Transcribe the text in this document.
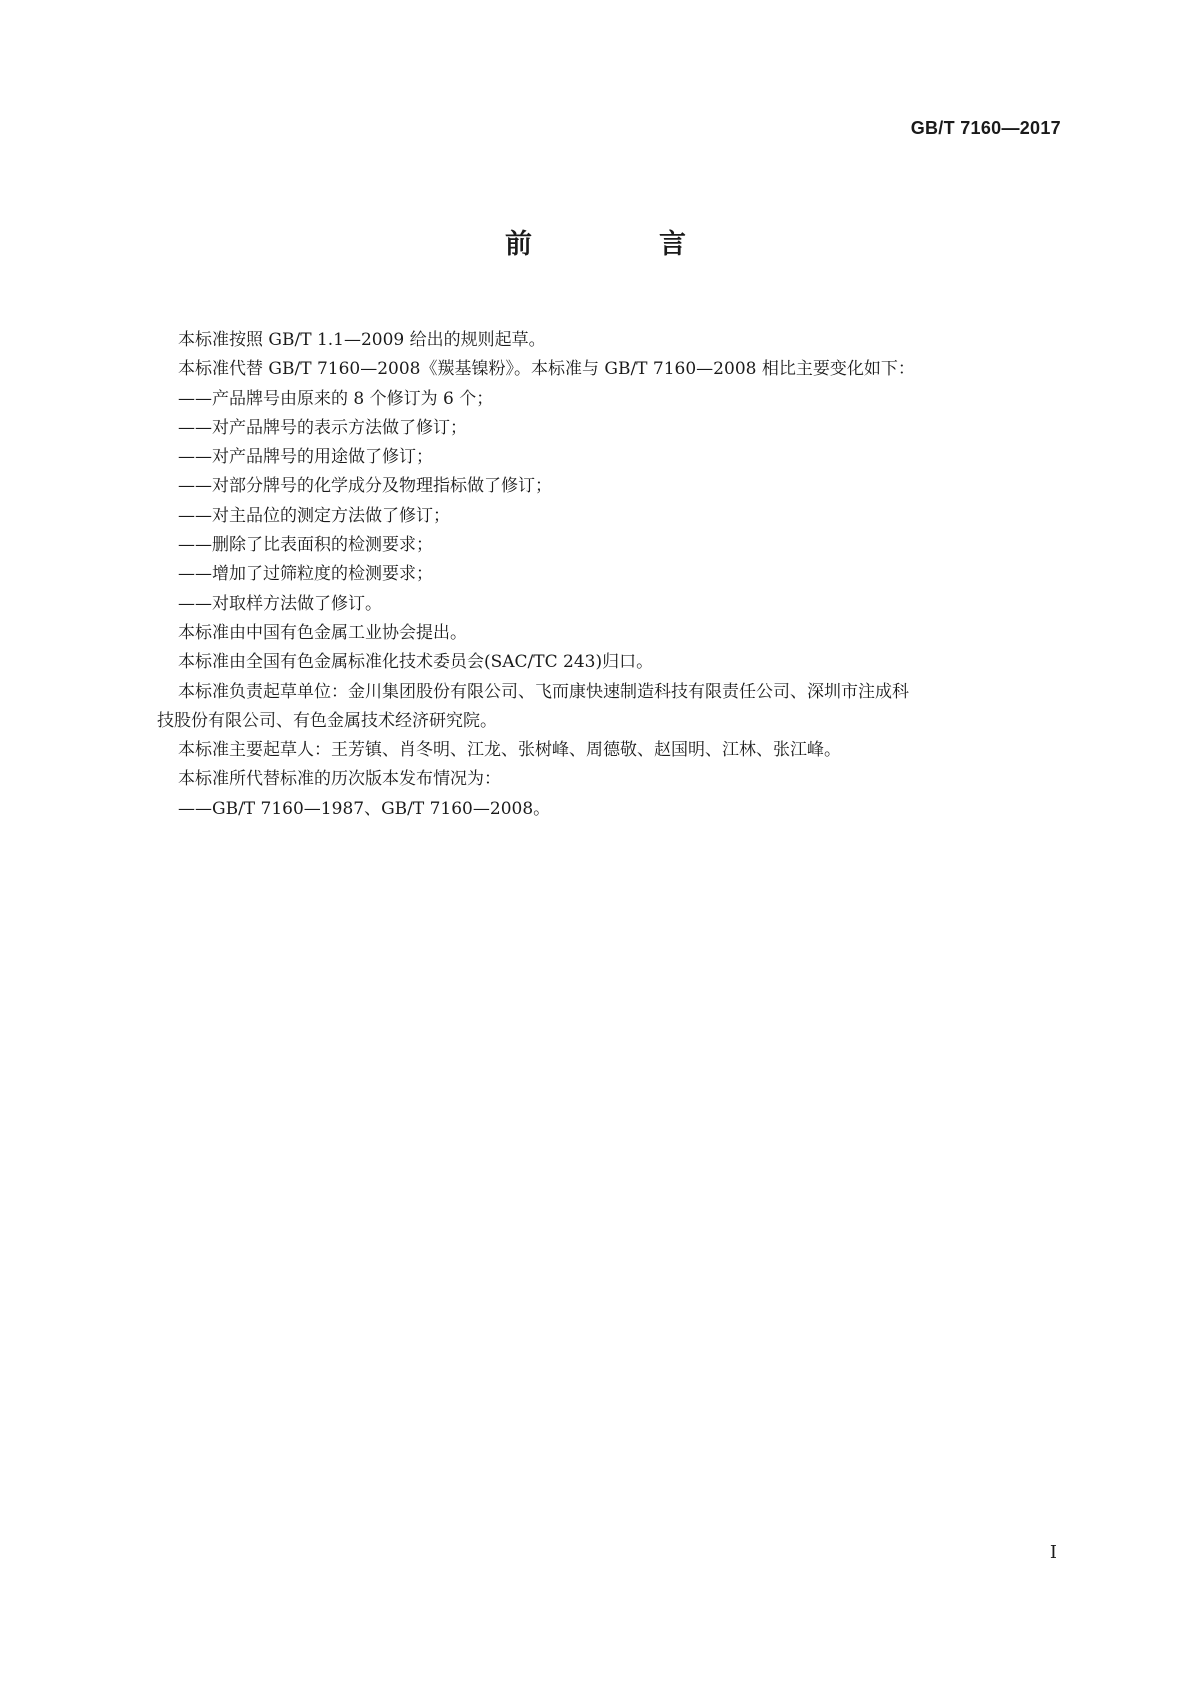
GB/T 7160—2017
前　言

本标准按照 GB/T 1.1—2009 给出的规则起草。

本标准代替 GB/T 7160—2008《羰基镍粉》。本标准与 GB/T 7160—2008 相比主要变化如下：

——产品牌号由原来的 8 个修订为 6 个；

——对产品牌号的表示方法做了修订；

——对产品牌号的用途做了修订；

——对部分牌号的化学成分及物理指标做了修订；

——对主品位的测定方法做了修订；

——删除了比表面积的检测要求；

——增加了过筛粒度的检测要求；

——对取样方法做了修订。

本标准由中国有色金属工业协会提出。

本标准由全国有色金属标准化技术委员会(SAC/TC 243)归口。

本标准负责起草单位：金川集团股份有限公司、飞而康快速制造科技有限责任公司、深圳市注成科
技股份有限公司、有色金属技术经济研究院。

本标准主要起草人：王芳镇、肖冬明、江龙、张树峰、周德敬、赵国明、江林、张江峰。

本标准所代替标准的历次版本发布情况为：

——GB/T 7160—1987、GB/T 7160—2008。

I
